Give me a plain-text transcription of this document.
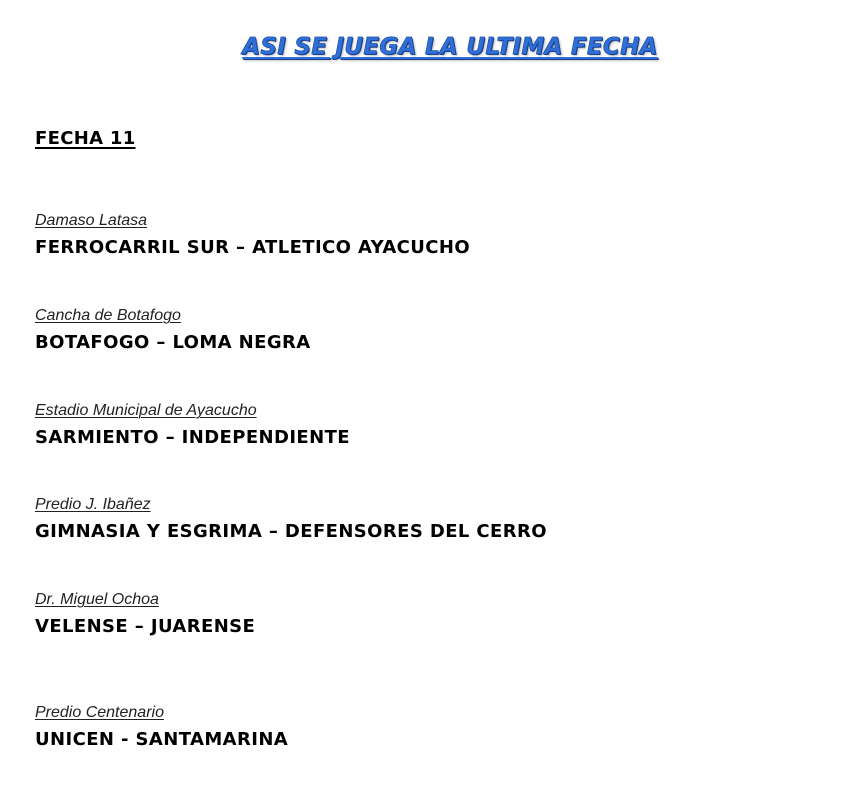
ASI SE JUEGA LA ULTIMA FECHA
FECHA 11
Damaso Latasa
FERROCARRIL SUR – ATLETICO AYACUCHO
Cancha de Botafogo
BOTAFOGO – LOMA NEGRA
Estadio Municipal de Ayacucho
SARMIENTO – INDEPENDIENTE
Predio J. Ibañez
GIMNASIA Y ESGRIMA – DEFENSORES DEL CERRO
Dr. Miguel Ochoa
VELENSE – JUARENSE
Predio Centenario
UNICEN - SANTAMARINA
